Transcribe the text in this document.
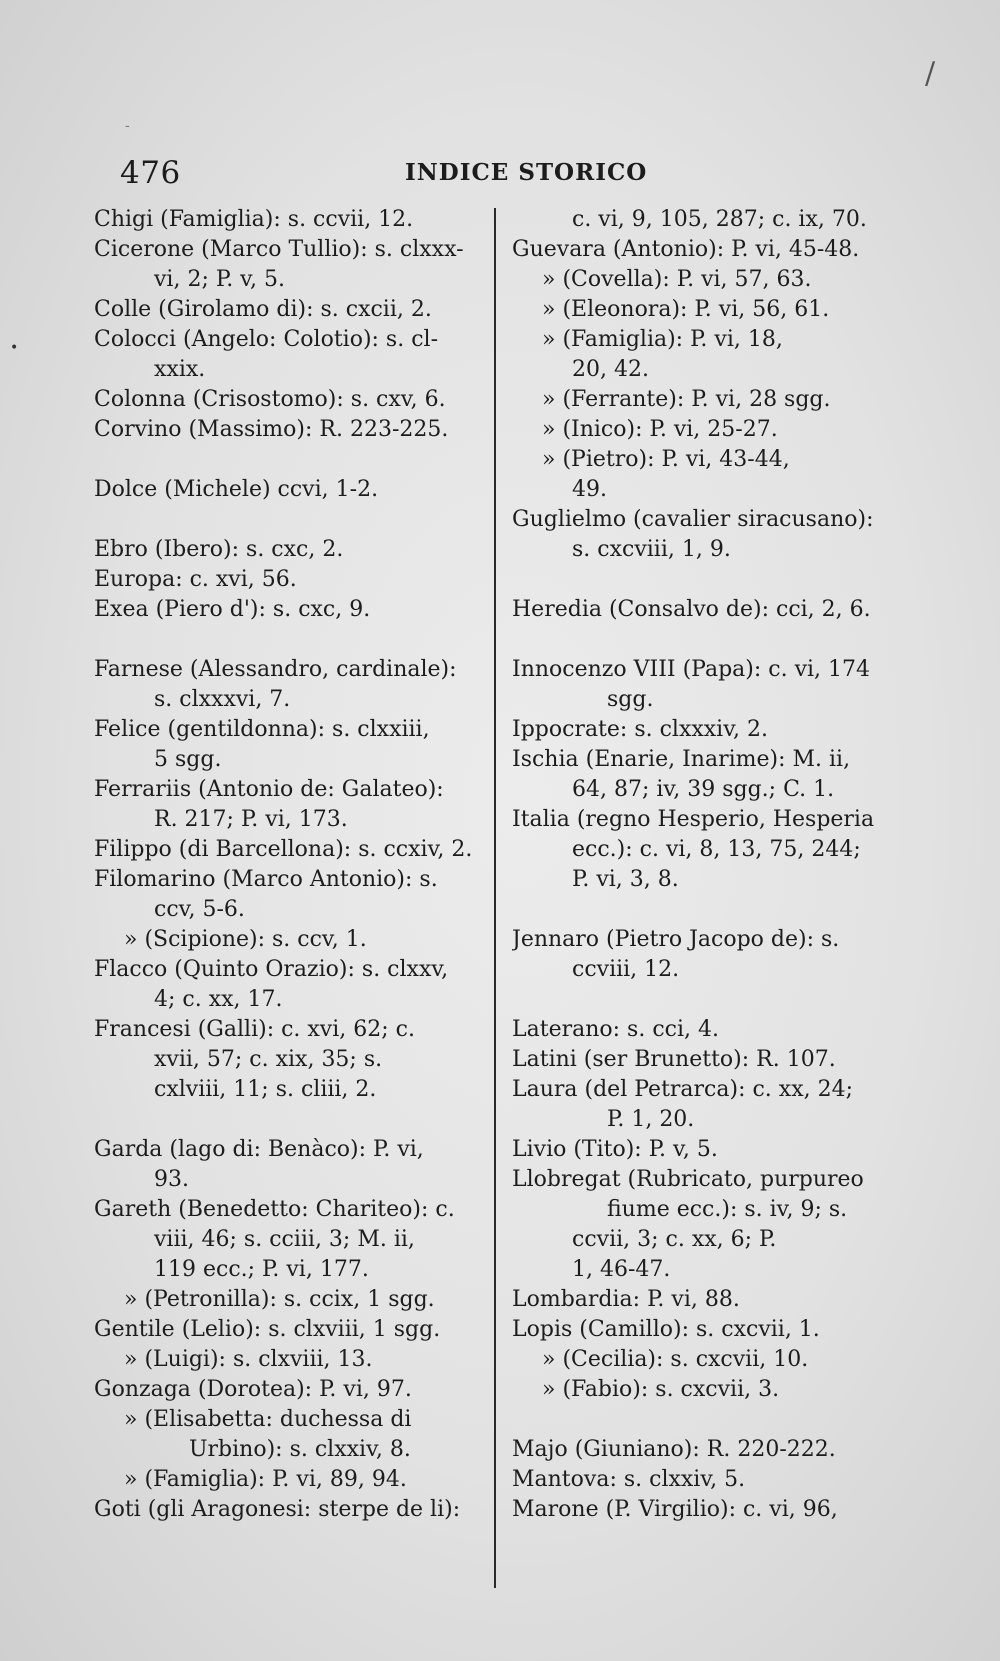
/
•
-
476	INDICE STORICO
Chigi (Famiglia): s. ccvii, 12.
Cicerone (Marco Tullio): s. clxxx-
vi, 2; P. v, 5.
Colle (Girolamo di): s. cxcii, 2.
Colocci (Angelo: Colotio): s. cl-
xxix.
Colonna (Crisostomo): s. cxv, 6.
Corvino (Massimo): R. 223-225.
Dolce (Michele) ccvi, 1-2.
Ebro (Ibero): s. cxc, 2.
Europa: c. xvi, 56.
Exea (Piero d'): s. cxc, 9.
Farnese (Alessandro, cardinale):
s. clxxxvi, 7.
Felice (gentildonna): s. clxxiii,
5 sgg.
Ferrariis (Antonio de: Galateo):
R. 217; P. vi, 173.
Filippo (di Barcellona): s. ccxiv, 2.
Filomarino (Marco Antonio): s.
ccv, 5-6.
» (Scipione): s. ccv, 1.
Flacco (Quinto Orazio): s. clxxv,
4; c. xx, 17.
Francesi (Galli): c. xvi, 62; c.
xvii, 57; c. xix, 35; s.
cxlviii, 11; s. cliii, 2.
Garda (lago di: Benàco): P. vi,
93.
Gareth (Benedetto: Chariteo): c.
viii, 46; s. cciii, 3; M. ii,
119 ecc.; P. vi, 177.
» (Petronilla): s. ccix, 1 sgg.
Gentile (Lelio): s. clxviii, 1 sgg.
» (Luigi): s. clxviii, 13.
Gonzaga (Dorotea): P. vi, 97.
» (Elisabetta: duchessa di
Urbino): s. clxxiv, 8.
» (Famiglia): P. vi, 89, 94.
Goti (gli Aragonesi: sterpe de li):
c. vi, 9, 105, 287; c. ix, 70.
Guevara (Antonio): P. vi, 45-48.
» (Covella): P. vi, 57, 63.
» (Eleonora): P. vi, 56, 61.
» (Famiglia): P. vi, 18,
20, 42.
» (Ferrante): P. vi, 28 sgg.
» (Inico): P. vi, 25-27.
» (Pietro): P. vi, 43-44,
49.
Guglielmo (cavalier siracusano):
s. cxcviii, 1, 9.
Heredia (Consalvo de): cci, 2, 6.
Innocenzo VIII (Papa): c. vi, 174
sgg.
Ippocrate: s. clxxxiv, 2.
Ischia (Enarie, Inarime): M. ii,
64, 87; iv, 39 sgg.; C. 1.
Italia (regno Hesperio, Hesperia
ecc.): c. vi, 8, 13, 75, 244;
P. vi, 3, 8.
Jennaro (Pietro Jacopo de): s.
ccviii, 12.
Laterano: s. cci, 4.
Latini (ser Brunetto): R. 107.
Laura (del Petrarca): c. xx, 24;
P. 1, 20.
Livio (Tito): P. v, 5.
Llobregat (Rubricato, purpureo
fiume ecc.): s. iv, 9; s.
ccvii, 3; c. xx, 6; P.
1, 46-47.
Lombardia: P. vi, 88.
Lopis (Camillo): s. cxcvii, 1.
» (Cecilia): s. cxcvii, 10.
» (Fabio): s. cxcvii, 3.
Majo (Giuniano): R. 220-222.
Mantova: s. clxxiv, 5.
Marone (P. Virgilio): c. vi, 96,
